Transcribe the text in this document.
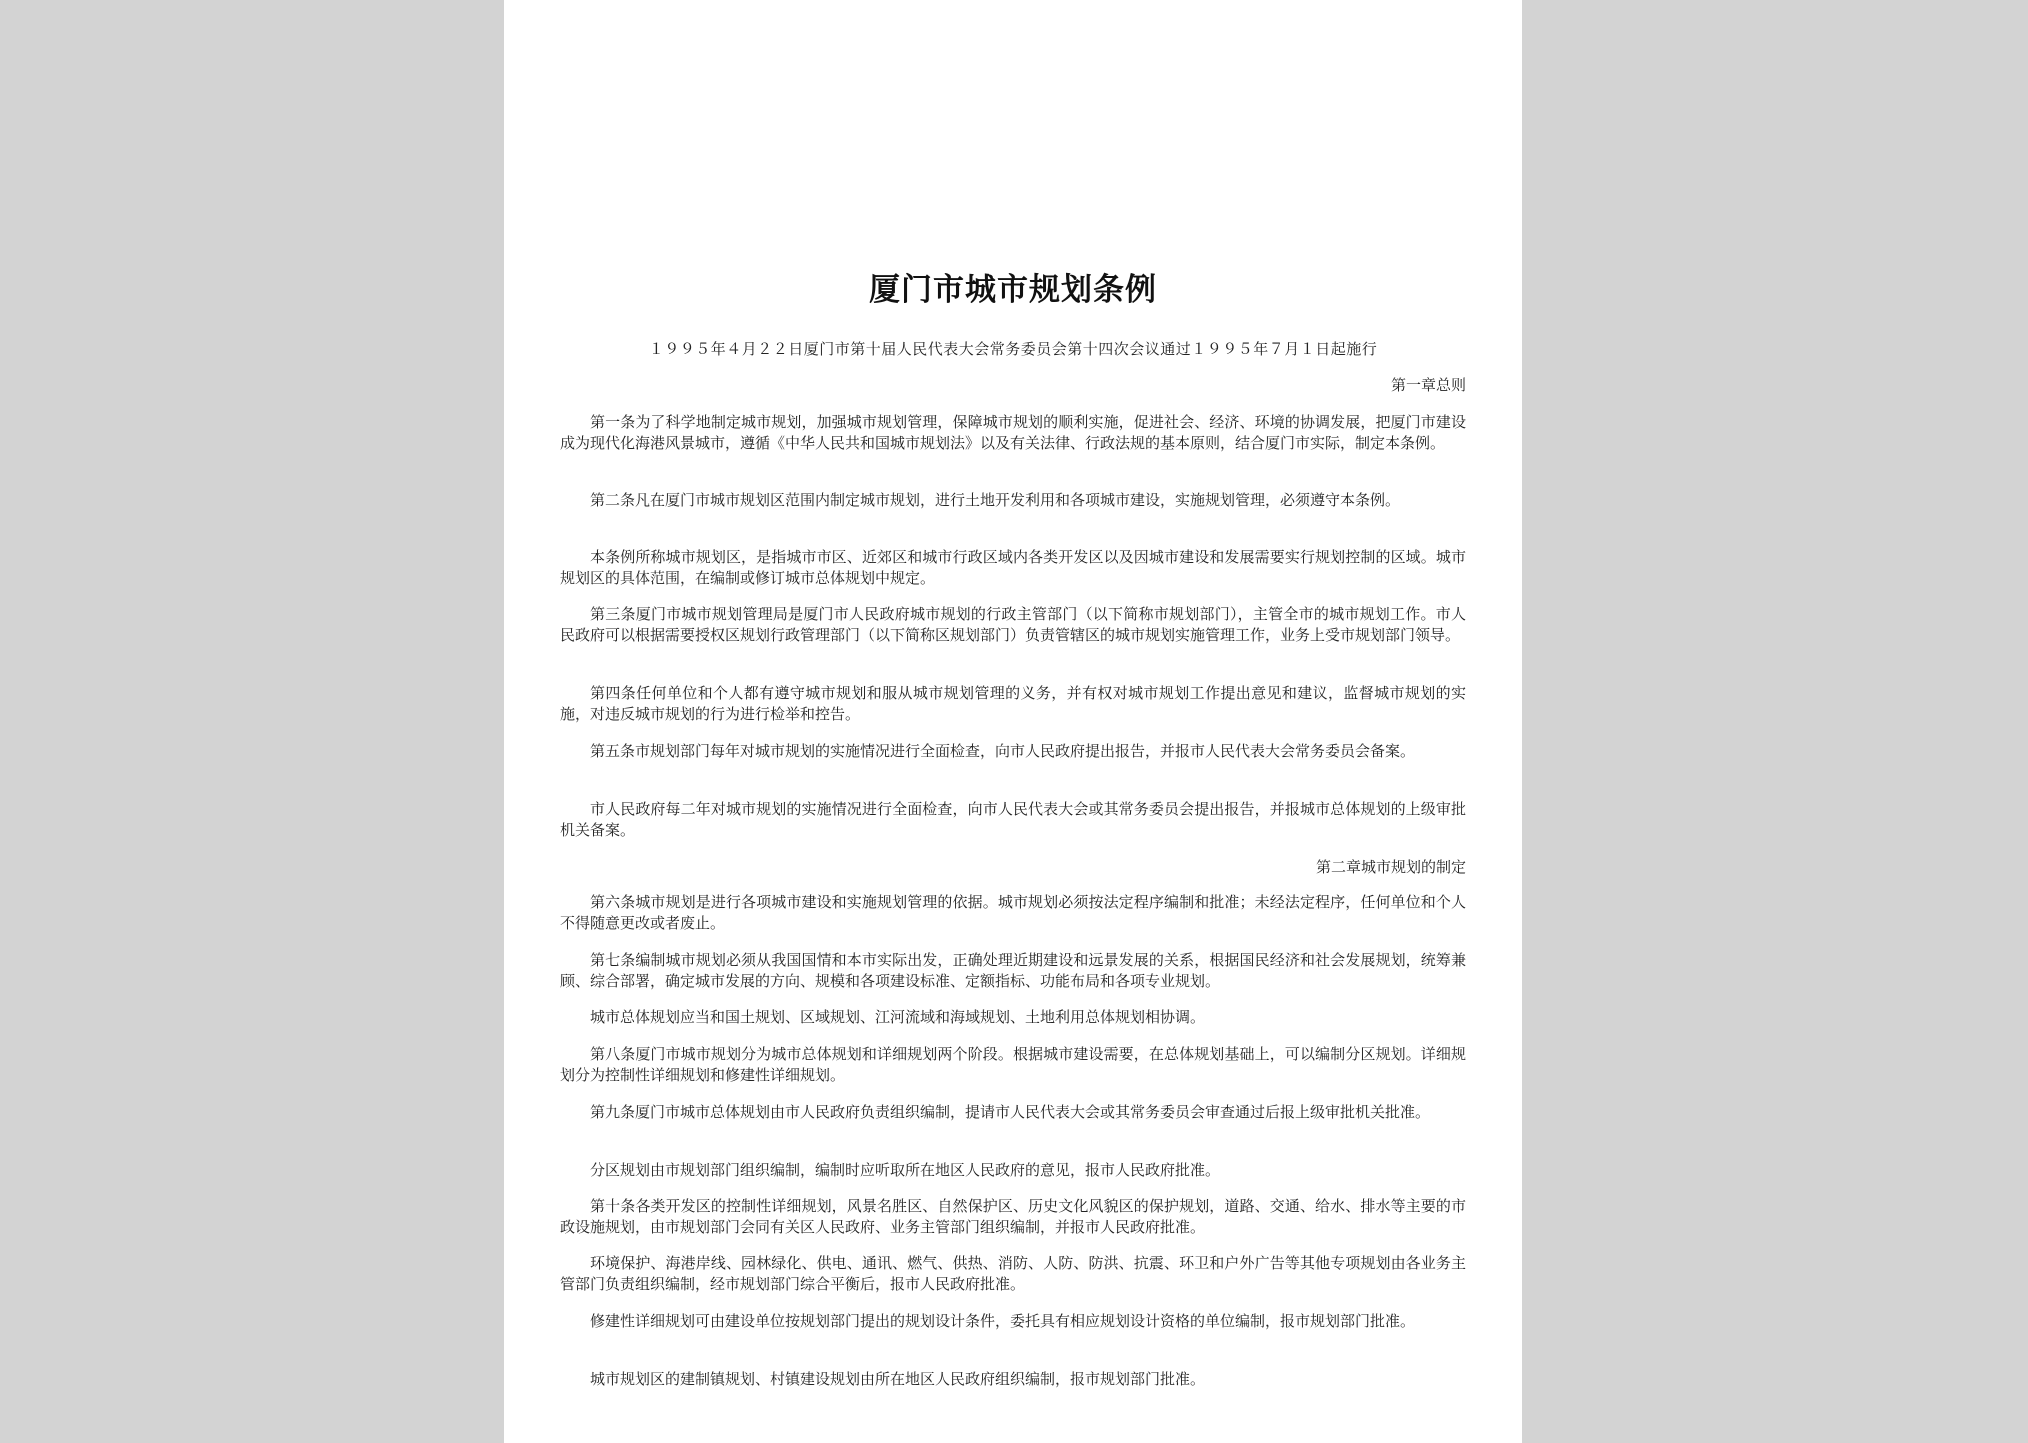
厦门市城市规划条例
１９９５年４月２２日厦门市第十届人民代表大会常务委员会第十四次会议通过１９９５年７月１日起施行
第一章总则

第一条为了科学地制定城市规划，加强城市规划管理，保障城市规划的顺利实施，促进社会、经济、环境的协调发展，把厦门市建设成为现代化海港风景城市，遵循《中华人民共和国城市规划法》以及有关法律、行政法规的基本原则，结合厦门市实际，制定本条例。

第二条凡在厦门市城市规划区范围内制定城市规划，进行土地开发利用和各项城市建设，实施规划管理，必须遵守本条例。

本条例所称城市规划区，是指城市市区、近郊区和城市行政区域内各类开发区以及因城市建设和发展需要实行规划控制的区域。城市规划区的具体范围，在编制或修订城市总体规划中规定。

第三条厦门市城市规划管理局是厦门市人民政府城市规划的行政主管部门（以下简称市规划部门），主管全市的城市规划工作。市人民政府可以根据需要授权区规划行政管理部门（以下简称区规划部门）负责管辖区的城市规划实施管理工作，业务上受市规划部门领导。

第四条任何单位和个人都有遵守城市规划和服从城市规划管理的义务，并有权对城市规划工作提出意见和建议，监督城市规划的实施，对违反城市规划的行为进行检举和控告。

第五条市规划部门每年对城市规划的实施情况进行全面检查，向市人民政府提出报告，并报市人民代表大会常务委员会备案。

市人民政府每二年对城市规划的实施情况进行全面检查，向市人民代表大会或其常务委员会提出报告，并报城市总体规划的上级审批机关备案。

第二章城市规划的制定

第六条城市规划是进行各项城市建设和实施规划管理的依据。城市规划必须按法定程序编制和批准；未经法定程序，任何单位和个人不得随意更改或者废止。

第七条编制城市规划必须从我国国情和本市实际出发，正确处理近期建设和远景发展的关系，根据国民经济和社会发展规划，统筹兼顾、综合部署，确定城市发展的方向、规模和各项建设标准、定额指标、功能布局和各项专业规划。

城市总体规划应当和国土规划、区域规划、江河流域和海域规划、土地利用总体规划相协调。

第八条厦门市城市规划分为城市总体规划和详细规划两个阶段。根据城市建设需要，在总体规划基础上，可以编制分区规划。详细规划分为控制性详细规划和修建性详细规划。

第九条厦门市城市总体规划由市人民政府负责组织编制，提请市人民代表大会或其常务委员会审查通过后报上级审批机关批准。

分区规划由市规划部门组织编制，编制时应听取所在地区人民政府的意见，报市人民政府批准。

第十条各类开发区的控制性详细规划，风景名胜区、自然保护区、历史文化风貌区的保护规划，道路、交通、给水、排水等主要的市政设施规划，由市规划部门会同有关区人民政府、业务主管部门组织编制，并报市人民政府批准。

环境保护、海港岸线、园林绿化、供电、通讯、燃气、供热、消防、人防、防洪、抗震、环卫和户外广告等其他专项规划由各业务主管部门负责组织编制，经市规划部门综合平衡后，报市人民政府批准。

修建性详细规划可由建设单位按规划部门提出的规划设计条件，委托具有相应规划设计资格的单位编制，报市规划部门批准。

城市规划区的建制镇规划、村镇建设规划由所在地区人民政府组织编制，报市规划部门批准。
